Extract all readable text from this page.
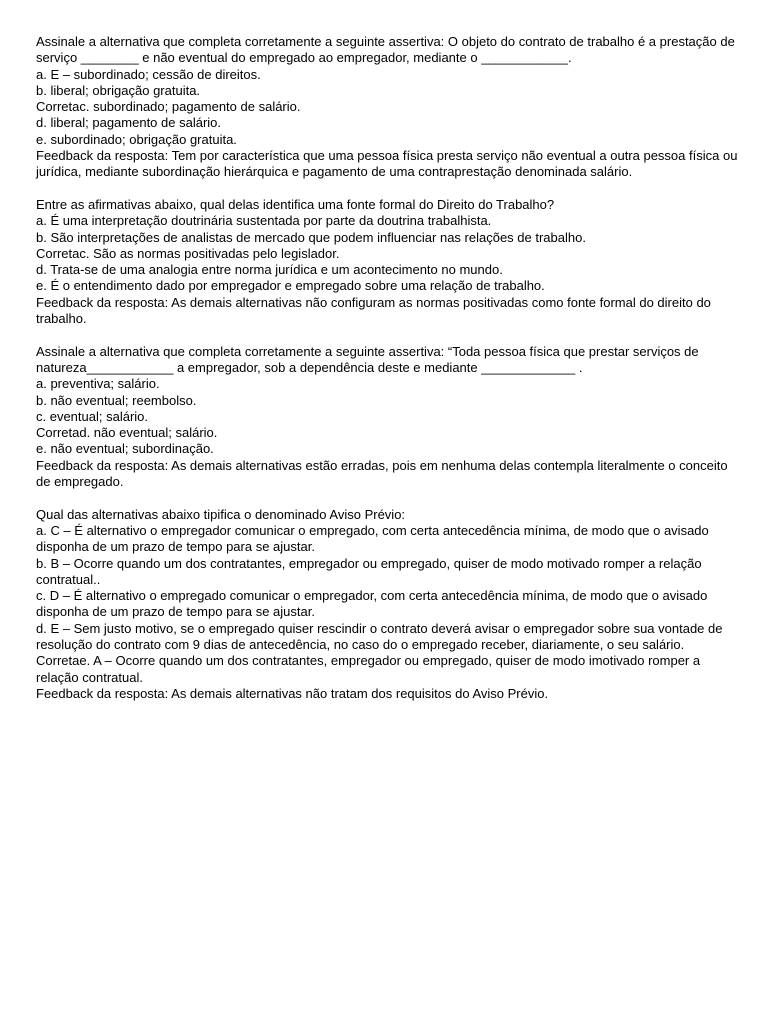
Assinale a alternativa que completa corretamente a seguinte assertiva: O objeto do contrato de trabalho é a prestação de serviço ________ e não eventual do empregado ao empregador, mediante o ____________.
a. E – subordinado; cessão de direitos.
b. liberal; obrigação gratuita.
Corretac. subordinado; pagamento de salário.
d. liberal; pagamento de salário.
e. subordinado; obrigação gratuita.
Feedback da resposta: Tem por característica que uma pessoa física presta serviço não eventual a outra pessoa física ou jurídica, mediante subordinação hierárquica e pagamento de uma contraprestação denominada salário.
Entre as afirmativas abaixo, qual delas identifica uma fonte formal do Direito do Trabalho?
a. É uma interpretação doutrinária sustentada por parte da doutrina trabalhista.
b. São interpretações de analistas de mercado que podem influenciar nas relações de trabalho.
Corretac. São as normas positivadas pelo legislador.
d. Trata-se de uma analogia entre norma jurídica e um acontecimento no mundo.
e. É o entendimento dado por empregador e empregado sobre uma relação de trabalho.
Feedback da resposta: As demais alternativas não configuram as normas positivadas como fonte formal do direito do trabalho.
Assinale a alternativa que completa corretamente a seguinte assertiva: “Toda pessoa física que prestar serviços de natureza____________ a empregador, sob a dependência deste e mediante _____________ .
a. preventiva; salário.
b. não eventual; reembolso.
c. eventual; salário.
Corretad. não eventual; salário.
e. não eventual; subordinação.
Feedback da resposta: As demais alternativas estão erradas, pois em nenhuma delas contempla literalmente o conceito de empregado.
Qual das alternativas abaixo tipifica o denominado Aviso Prévio:
a. C – É alternativo o empregador comunicar o empregado, com certa antecedência mínima, de modo que o avisado disponha de um prazo de tempo para se ajustar.
b. B – Ocorre quando um dos contratantes, empregador ou empregado, quiser de modo motivado romper a relação contratual..
c. D – É alternativo o empregado comunicar o empregador, com certa antecedência mínima, de modo que o avisado disponha de um prazo de tempo para se ajustar.
d. E – Sem justo motivo, se o empregado quiser rescindir o contrato deverá avisar o empregador sobre sua vontade de resolução do contrato com 9 dias de antecedência, no caso do o empregado receber, diariamente, o seu salário.
Corretae. A – Ocorre quando um dos contratantes, empregador ou empregado, quiser de modo imotivado romper a relação contratual.
Feedback da resposta: As demais alternativas não tratam dos requisitos do Aviso Prévio.
